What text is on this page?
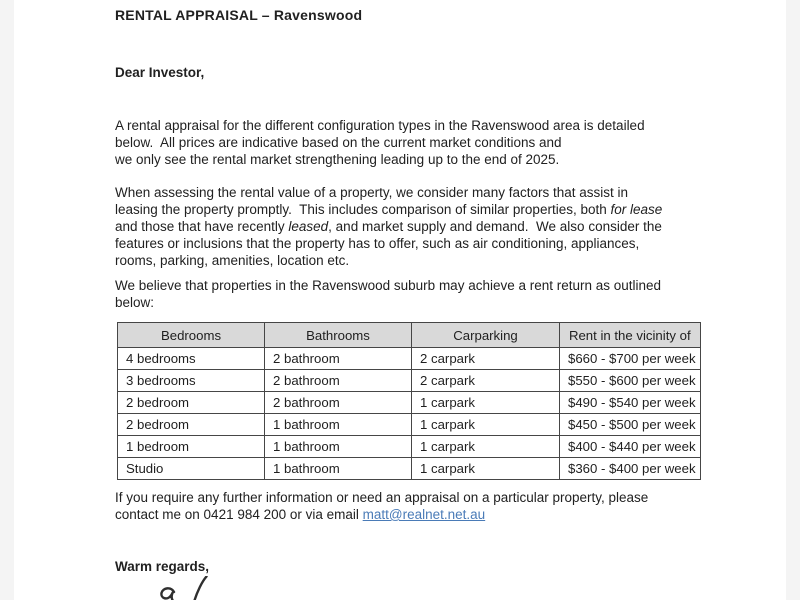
RENTAL APPRAISAL – Ravenswood
Dear Investor,
A rental appraisal for the different configuration types in the Ravenswood area is detailed
below.  All prices are indicative based on the current market conditions and
we only see the rental market strengthening leading up to the end of 2025.
When assessing the rental value of a property, we consider many factors that assist in
leasing the property promptly.  This includes comparison of similar properties, both for lease
and those that have recently leased, and market supply and demand.  We also consider the
features or inclusions that the property has to offer, such as air conditioning, appliances,
rooms, parking, amenities, location etc.
We believe that properties in the Ravenswood suburb may achieve a rent return as outlined
below:
Bedrooms	Bathrooms	Carparking	Rent in the vicinity of
4 bedrooms	2 bathroom	2 carpark	$660 - $700 per week
3 bedrooms	2 bathroom	2 carpark	$550 - $600 per week
2 bedroom	2 bathroom	1 carpark	$490 - $540 per week
2 bedroom	1 bathroom	1 carpark	$450 - $500 per week
1 bedroom	1 bathroom	1 carpark	$400 - $440 per week
Studio	1 bathroom	1 carpark	$360 - $400 per week
If you require any further information or need an appraisal on a particular property, please
contact me on 0421 984 200 or via email matt@realnet.net.au
Warm regards,
